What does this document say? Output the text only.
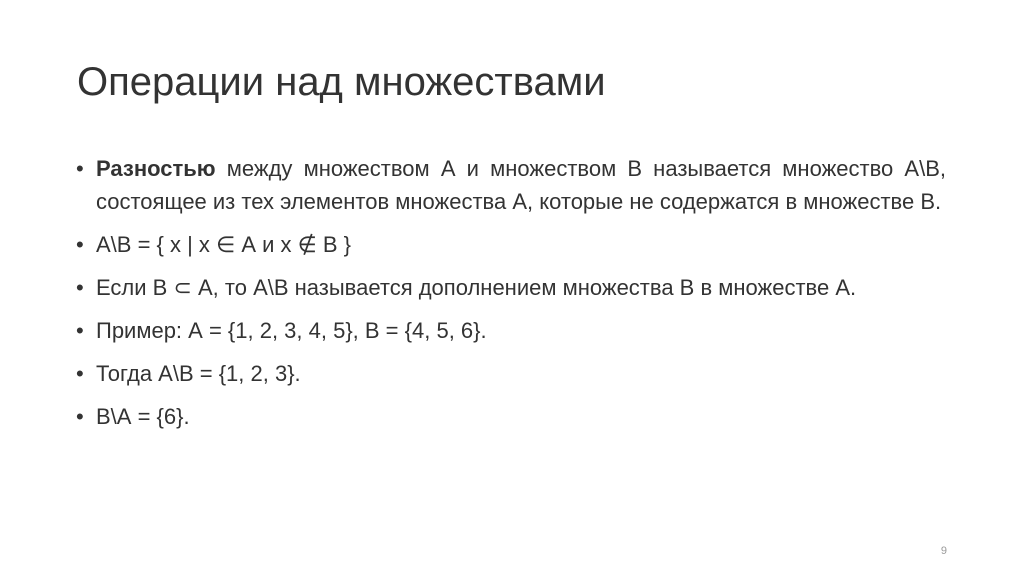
Операции над множествами
• Разностью между множеством А и множеством В называется множество А\В, состоящее из тех элементов множества А, которые не содержатся в множестве В.
• А\В = { x | x ∈ А и x ∉ В }
• Если В ⊂ А, то А\В называется дополнением множества В в множестве А.
• Пример: А = {1, 2, 3, 4, 5}, В = {4, 5, 6}.
• Тогда А\В = {1, 2, 3}.
• В\А = {6}.
9
